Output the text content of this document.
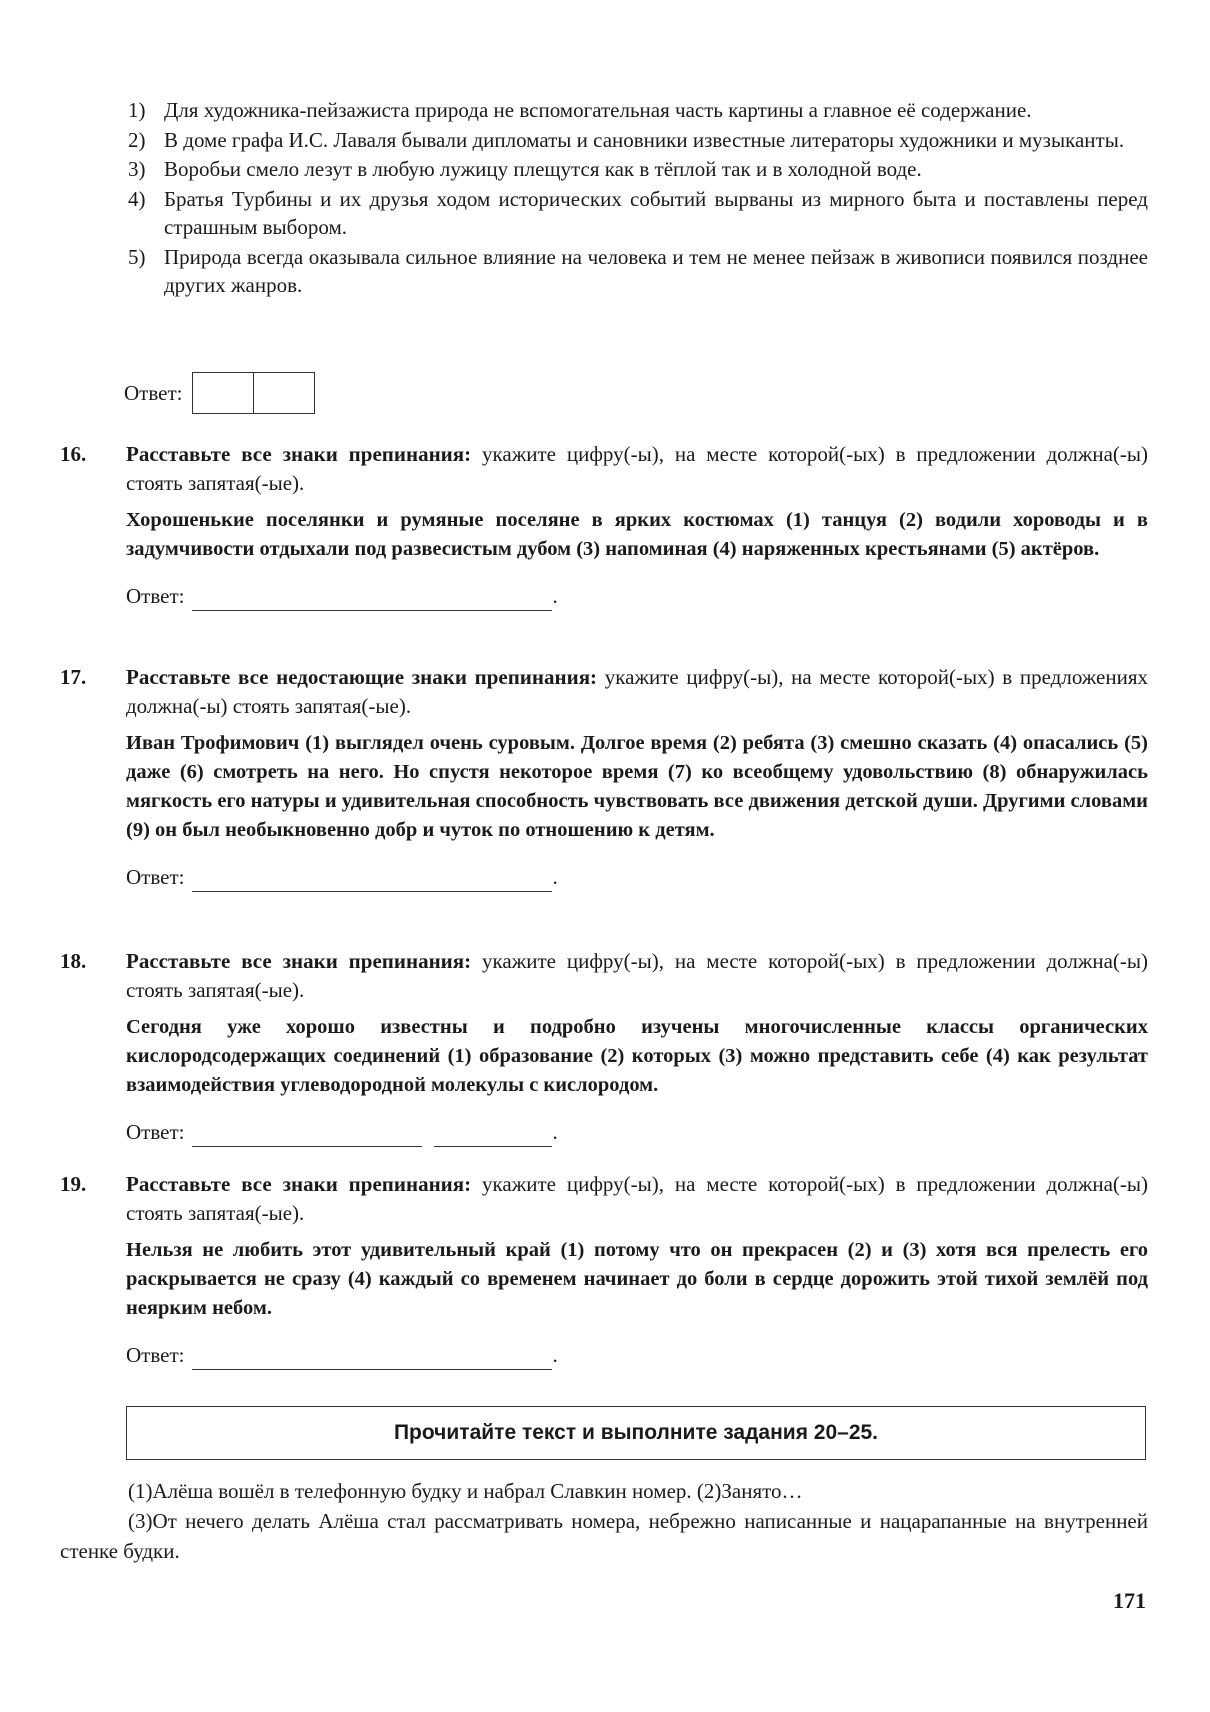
1) Для художника-пейзажиста природа не вспомогательная часть картины а главное её содержание.
2) В доме графа И.С. Лаваля бывали дипломаты и сановники известные литераторы художники и музыканты.
3) Воробьи смело лезут в любую лужицу плещутся как в тёплой так и в холодной воде.
4) Братья Турбины и их друзья ходом исторических событий вырваны из мирного быта и поставлены перед страшным выбором.
5) Природа всегда оказывала сильное влияние на человека и тем не менее пейзаж в живописи появился позднее других жанров.
Ответ:
16. Расставьте все знаки препинания: укажите цифру(-ы), на месте которой(-ых) в предложении должна(-ы) стоять запятая(-ые).

Хорошенькие поселянки и румяные поселяне в ярких костюмах (1) танцуя (2) водили хороводы и в задумчивости отдыхали под развесистым дубом (3) напоминая (4) наряженных крестьянами (5) актёров.

Ответ:	.
17. Расставьте все недостающие знаки препинания: укажите цифру(-ы), на месте которой(-ых) в предложениях должна(-ы) стоять запятая(-ые).

Иван Трофимович (1) выглядел очень суровым. Долгое время (2) ребята (3) смешно сказать (4) опасались (5) даже (6) смотреть на него. Но спустя некоторое время (7) ко всеобщему удовольствию (8) обнаружилась мягкость его натуры и удивительная способность чувствовать все движения детской души. Другими словами (9) он был необыкновенно добр и чуток по отношению к детям.

Ответ:	.
18. Расставьте все знаки препинания: укажите цифру(-ы), на месте которой(-ых) в предложении должна(-ы) стоять запятая(-ые).

Сегодня уже хорошо известны и подробно изучены многочисленные классы органических кислородсодержащих соединений (1) образование (2) которых (3) можно представить себе (4) как результат взаимодействия углеводородной молекулы с кислородом.

Ответ:	.
19. Расставьте все знаки препинания: укажите цифру(-ы), на месте которой(-ых) в предложении должна(-ы) стоять запятая(-ые).

Нельзя не любить этот удивительный край (1) потому что он прекрасен (2) и (3) хотя вся прелесть его раскрывается не сразу (4) каждый со временем начинает до боли в сердце дорожить этой тихой землёй под неярким небом.

Ответ:	.
Прочитайте текст и выполните задания 20–25.

(1)Алёша вошёл в телефонную будку и набрал Славкин номер. (2)Занято…

(3)От нечего делать Алёша стал рассматривать номера, небрежно написанные и нацарапанные на внутренней стенке будки.

171
